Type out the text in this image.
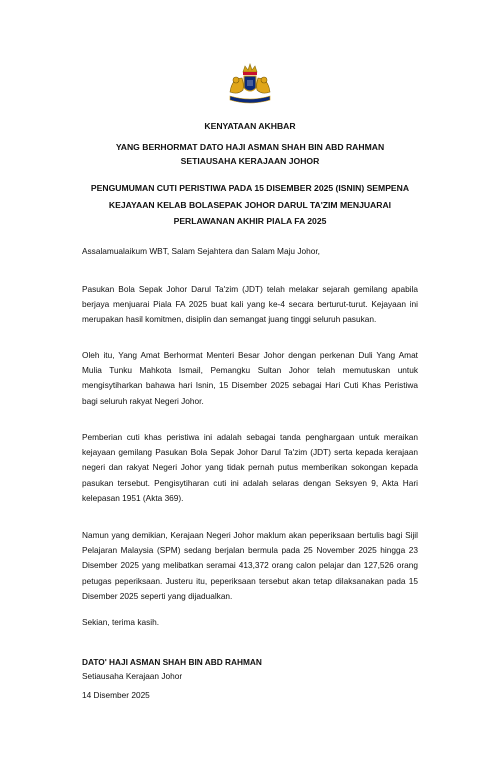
KENYATAAN AKHBAR
YANG BERHORMAT DATO HAJI ASMAN SHAH BIN ABD RAHMAN
SETIAUSAHA KERAJAAN JOHOR
PENGUMUMAN CUTI PERISTIWA PADA 15 DISEMBER 2025 (ISNIN) SEMPENA
KEJAYAAN KELAB BOLASEPAK JOHOR DARUL TA'ZIM MENJUARAI
PERLAWANAN AKHIR PIALA FA 2025
Assalamualaikum WBT, Salam Sejahtera dan Salam Maju Johor,
Pasukan Bola Sepak Johor Darul Ta'zim (JDT) telah melakar sejarah gemilang apabila berjaya menjuarai Piala FA 2025 buat kali yang ke-4 secara berturut-turut. Kejayaan ini merupakan hasil komitmen, disiplin dan semangat juang tinggi seluruh pasukan.
Oleh itu, Yang Amat Berhormat Menteri Besar Johor dengan perkenan Duli Yang Amat Mulia Tunku Mahkota Ismail, Pemangku Sultan Johor telah memutuskan untuk mengisytiharkan bahawa hari Isnin, 15 Disember 2025 sebagai Hari Cuti Khas Peristiwa bagi seluruh rakyat Negeri Johor.
Pemberian cuti khas peristiwa ini adalah sebagai tanda penghargaan untuk meraikan kejayaan gemilang Pasukan Bola Sepak Johor Darul Ta'zim (JDT) serta kepada kerajaan negeri dan rakyat Negeri Johor yang tidak pernah putus memberikan sokongan kepada pasukan tersebut. Pengisytiharan cuti ini adalah selaras dengan Seksyen 9, Akta Hari kelepasan 1951 (Akta 369).
Namun yang demikian, Kerajaan Negeri Johor maklum akan peperiksaan bertulis bagi Sijil Pelajaran Malaysia (SPM) sedang berjalan bermula pada 25 November 2025 hingga 23 Disember 2025 yang melibatkan seramai 413,372 orang calon pelajar dan 127,526 orang petugas peperiksaan. Justeru itu, peperiksaan tersebut akan tetap dilaksanakan pada 15 Disember 2025 seperti yang dijadualkan.
Sekian, terima kasih.
DATO' HAJI ASMAN SHAH BIN ABD RAHMAN
Setiausaha Kerajaan Johor
14 Disember 2025
